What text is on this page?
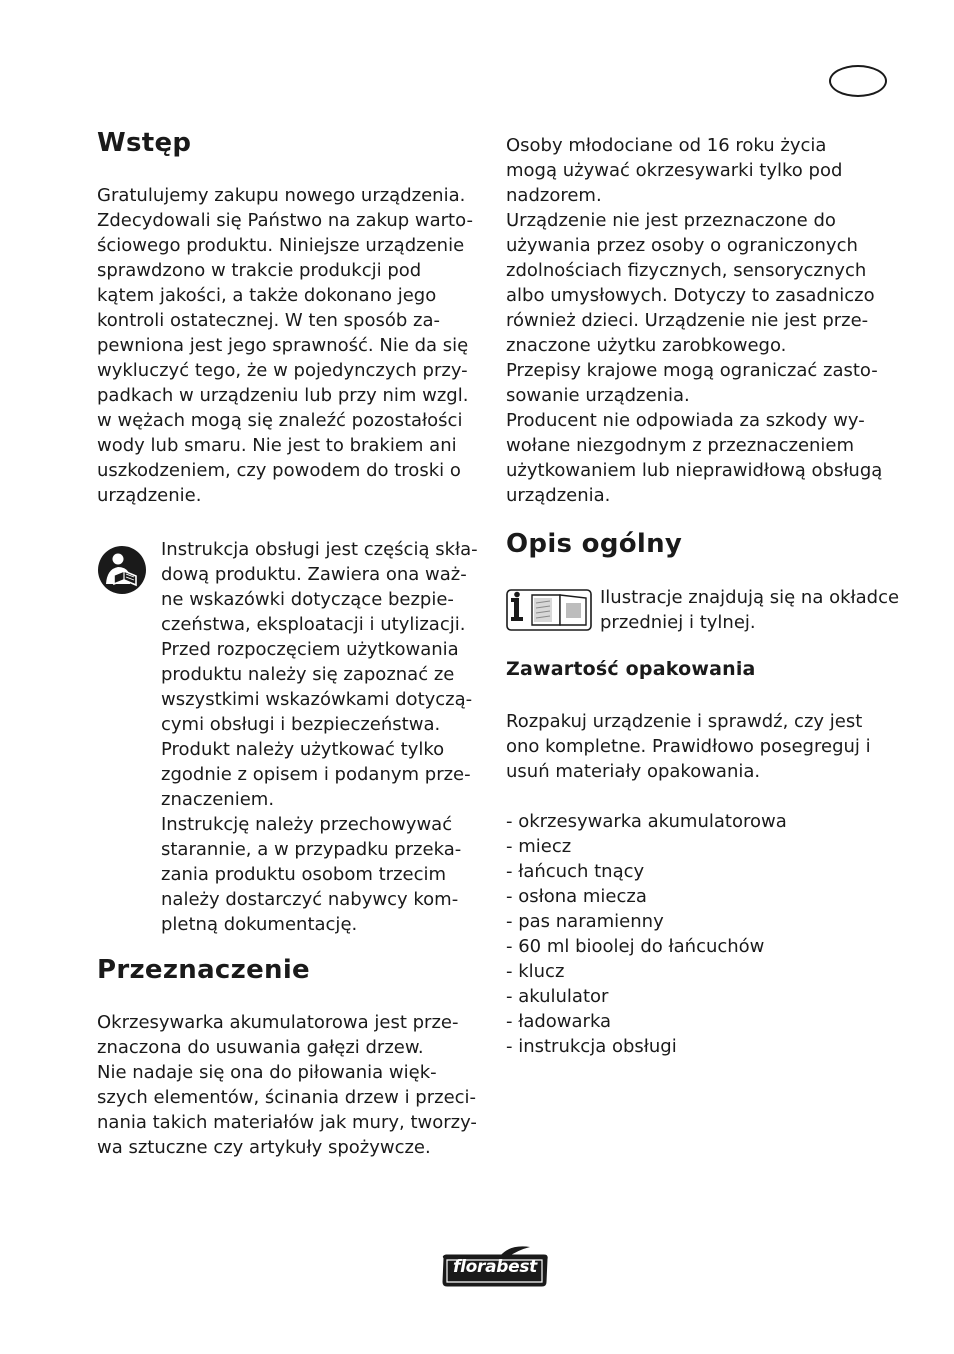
Wstęp
Gratulujemy zakupu nowego urządzenia.
Zdecydowali się Państwo na zakup warto-
ściowego produktu. Niniejsze urządzenie
sprawdzono w trakcie produkcji pod
kątem jakości, a także dokonano jego
kontroli ostatecznej. W ten sposób za-
pewniona jest jego sprawność. Nie da się
wykluczyć tego, że w pojedynczych przy-
padkach w urządzeniu lub przy nim wzgl.
w wężach mogą się znaleźć pozostałości
wody lub smaru. Nie jest to brakiem ani
uszkodzeniem, czy powodem do troski o
urządzenie.
Instrukcja obsługi jest częścią skła-
dową produktu. Zawiera ona waż-
ne wskazówki dotyczące bezpie-
czeństwa, eksploatacji i utylizacji.
Przed rozpoczęciem użytkowania
produktu należy się zapoznać ze
wszystkimi wskazówkami dotyczą-
cymi obsługi i bezpieczeństwa.
Produkt należy użytkować tylko
zgodnie z opisem i podanym prze-
znaczeniem.
Instrukcję należy przechowywać
starannie, a w przypadku przeka-
zania produktu osobom trzecim
należy dostarczyć nabywcy kom-
pletną dokumentację.
Przeznaczenie
Okrzesywarka akumulatorowa jest prze-
znaczona do usuwania gałęzi drzew.
Nie nadaje się ona do piłowania więk-
szych elementów, ścinania drzew i przeci-
nania takich materiałów jak mury, tworzy-
wa sztuczne czy artykuły spożywcze.
Osoby młodociane od 16 roku życia
mogą używać okrzesywarki tylko pod
nadzorem.
Urządzenie nie jest przeznaczone do
używania przez osoby o ograniczonych
zdolnościach fizycznych, sensorycznych
albo umysłowych. Dotyczy to zasadniczo
również dzieci. Urządzenie nie jest prze-
znaczone użytku zarobkowego.
Przepisy krajowe mogą ograniczać zasto-
sowanie urządzenia.
Producent nie odpowiada za szkody wy-
wołane niezgodnym z przeznaczeniem
użytkowaniem lub nieprawidłową obsługą
urządzenia.
Opis ogólny
Ilustracje znajdują się na okładce
przedniej i tylnej.
Zawartość opakowania
Rozpakuj urządzenie i sprawdź, czy jest
ono kompletne. Prawidłowo posegreguj i
usuń materiały opakowania.
- okrzesywarka akumulatorowa
- miecz
- łańcuch tnący
- osłona miecza
- pas naramienny
- 60 ml bioolej do łańcuchów
- klucz
- akululator
- ładowarka
- instrukcja obsługi
florabest
